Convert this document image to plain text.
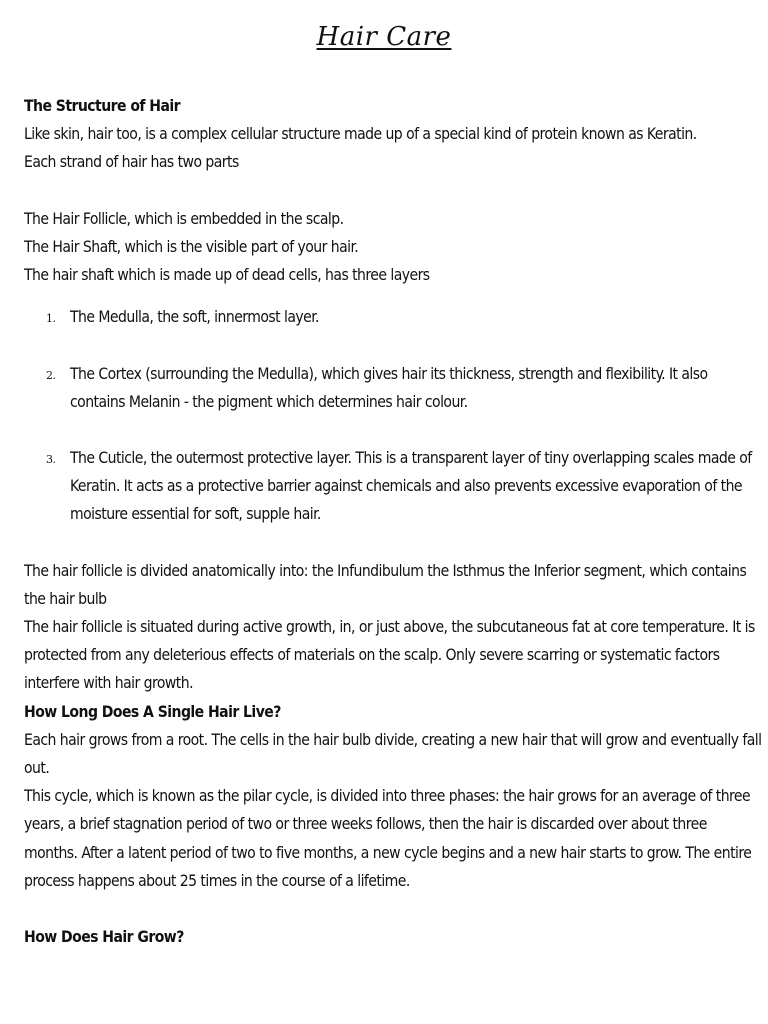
Hair Care

The Structure of Hair

Like skin, hair too, is a complex cellular structure made up of a special kind of protein known as Keratin.

Each strand of hair has two parts

The Hair Follicle, which is embedded in the scalp.

The Hair Shaft, which is the visible part of your hair.

The hair shaft which is made up of dead cells, has three layers

1. The Medulla, the soft, innermost layer.
2. The Cortex (surrounding the Medulla), which gives hair its thickness, strength and flexibility. It also contains Melanin - the pigment which determines hair colour.
3. The Cuticle, the outermost protective layer. This is a transparent layer of tiny overlapping scales made of Keratin. It acts as a protective barrier against chemicals and also prevents excessive evaporation of the moisture essential for soft, supple hair.

The hair follicle is divided anatomically into: the Infundibulum the Isthmus the Inferior segment, which contains the hair bulb

The hair follicle is situated during active growth, in, or just above, the subcutaneous fat at core temperature. It is protected from any deleterious effects of materials on the scalp. Only severe scarring or systematic factors interfere with hair growth.

How Long Does A Single Hair Live?

Each hair grows from a root. The cells in the hair bulb divide, creating a new hair that will grow and eventually fall out.

This cycle, which is known as the pilar cycle, is divided into three phases: the hair grows for an average of three years, a brief stagnation period of two or three weeks follows, then the hair is discarded over about three months. After a latent period of two to five months, a new cycle begins and a new hair starts to grow. The entire process happens about 25 times in the course of a lifetime.

How Does Hair Grow?
